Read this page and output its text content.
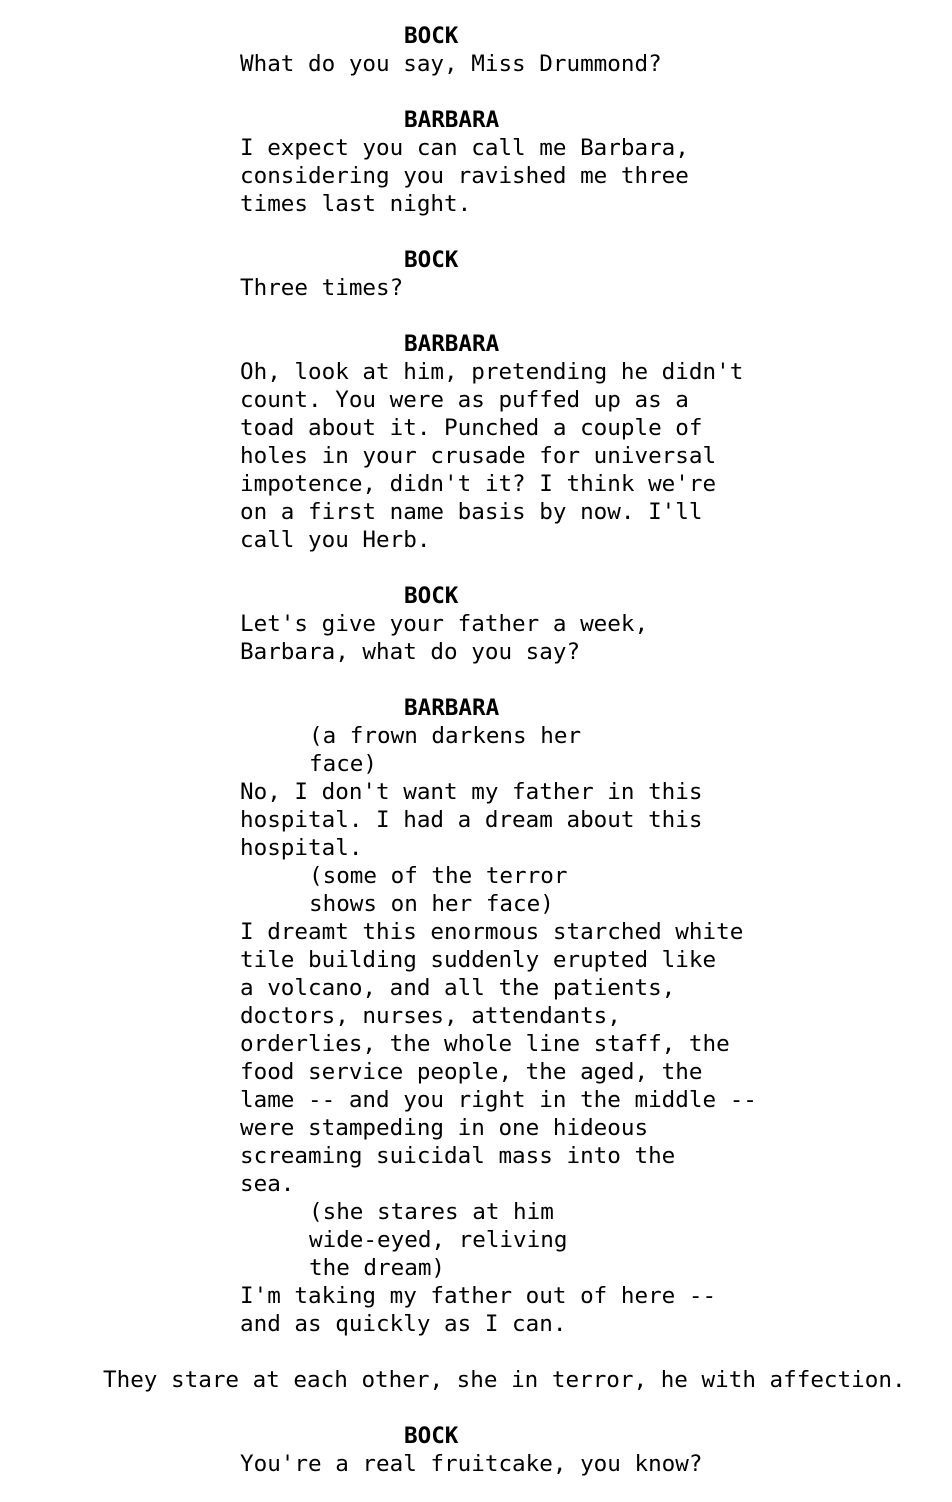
BOCK
What do you say, Miss Drummond?
BARBARA
I expect you can call me Barbara,
considering you ravished me three
times last night.
BOCK
Three times?
BARBARA
Oh, look at him, pretending he didn't
count. You were as puffed up as a
toad about it. Punched a couple of
holes in your crusade for universal
impotence, didn't it? I think we're
on a first name basis by now. I'll
call you Herb.
BOCK
Let's give your father a week,
Barbara, what do you say?
BARBARA
(a frown darkens her
face)
No, I don't want my father in this
hospital. I had a dream about this
hospital.
(some of the terror
shows on her face)
I dreamt this enormous starched white
tile building suddenly erupted like
a volcano, and all the patients,
doctors, nurses, attendants,
orderlies, the whole line staff, the
food service people, the aged, the
lame -- and you right in the middle --
were stampeding in one hideous
screaming suicidal mass into the
sea.
(she stares at him
wide-eyed, reliving
the dream)
I'm taking my father out of here --
and as quickly as I can.
They stare at each other, she in terror, he with affection.
BOCK
You're a real fruitcake, you know?
